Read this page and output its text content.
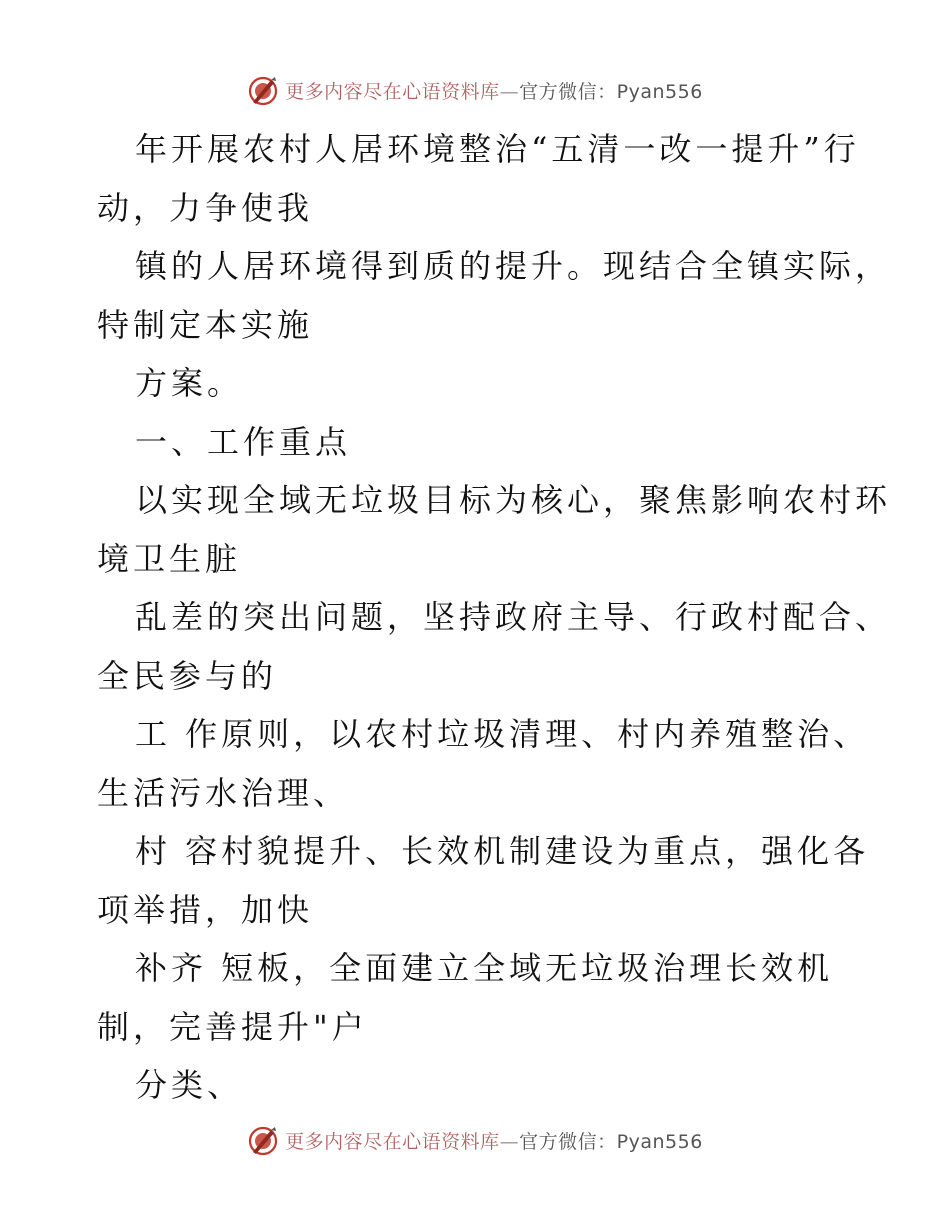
更多内容尽在心语资料库—官方微信：Pyan556
年开展农村人居环境整治“五清一改一提升”行
动，力争使我
镇的人居环境得到质的提升。现结合全镇实际，
特制定本实施
方案。
一、工作重点
以实现全域无垃圾目标为核心，聚焦影响农村环
境卫生脏
乱差的突出问题，坚持政府主导、行政村配合、
全民参与的
工 作原则，以农村垃圾清理、村内养殖整治、
生活污水治理、
村 容村貌提升、长效机制建设为重点，强化各
项举措，加快
补齐 短板，全面建立全域无垃圾治理长效机
制，完善提升"户
分类、
更多内容尽在心语资料库—官方微信：Pyan556
